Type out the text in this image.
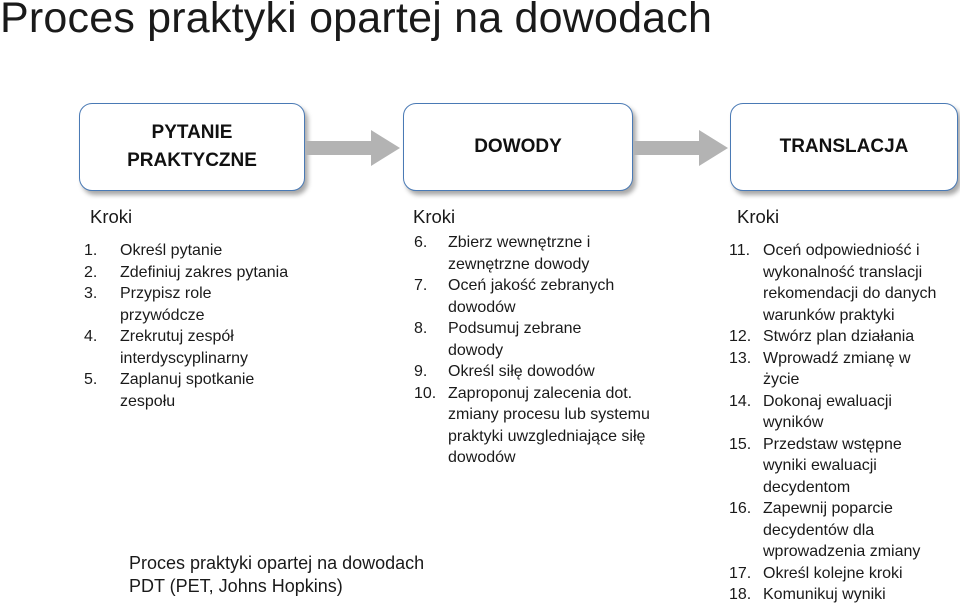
Proces praktyki opartej na dowodach
PYTANIE PRAKTYCZNE
DOWODY	TRANSLACJA
Kroki	Kroki	Kroki
1. Określ pytanie
2. Zdefiniuj zakres pytania
3. Przypisz role przywódcze
4. Zrekrutuj zespół interdyscyplinarny
5. Zaplanuj spotkanie zespołu
6. Zbierz wewnętrzne i zewnętrzne dowody
7. Oceń jakość zebranych dowodów
8. Podsumuj zebrane dowody
9. Określ siłę dowodów
10. Zaproponuj zalecenia dot. zmiany procesu lub systemu praktyki uwzgledniające siłę dowodów
11. Oceń odpowiedniość i wykonalność translacji rekomendacji do danych warunków praktyki
12. Stwórz plan działania
13. Wprowadź zmianę w życie
14. Dokonaj ewaluacji wyników
15. Przedstaw wstępne wyniki ewaluacji decydentom
16. Zapewnij poparcie decydentów dla wprowadzenia zmiany
17. Określ kolejne kroki
18. Komunikuj wyniki
Proces praktyki opartej na dowodach
PDT (PET, Johns Hopkins)
